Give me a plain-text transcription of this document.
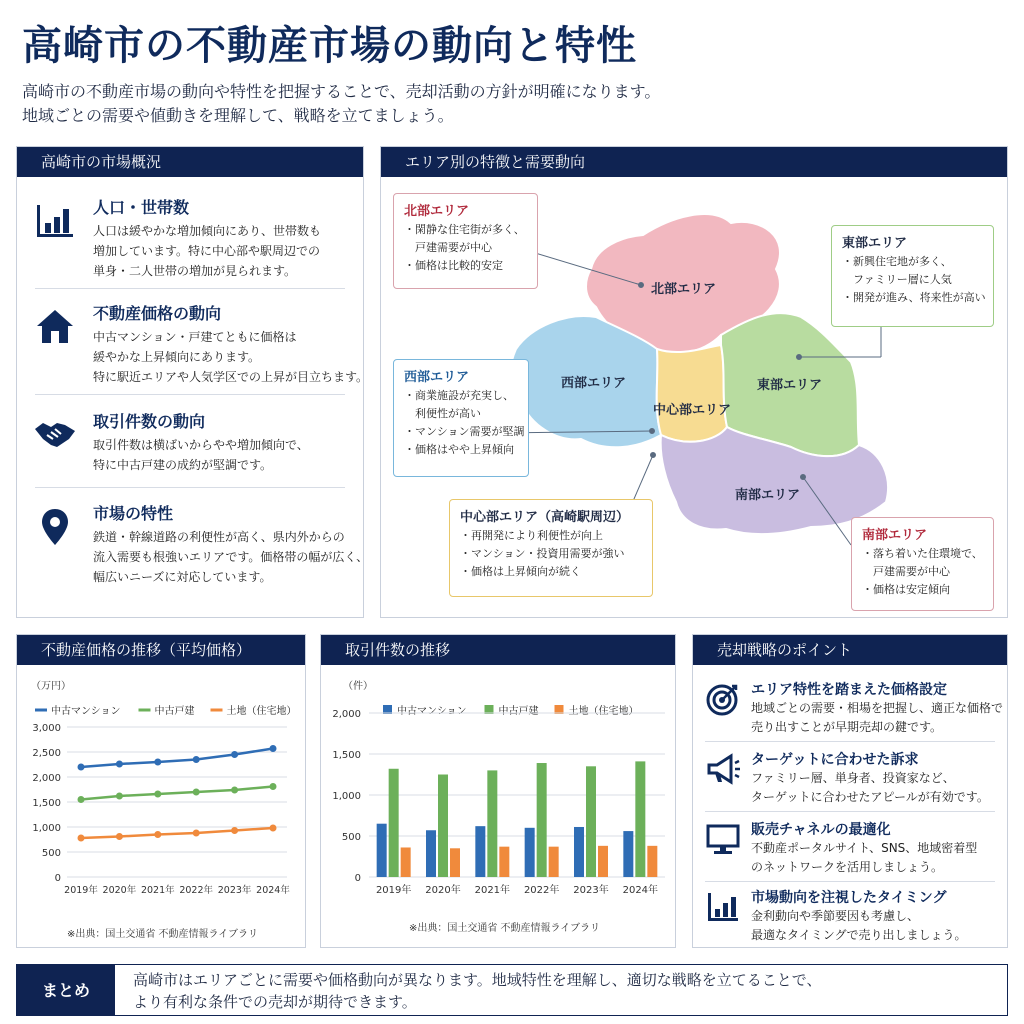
高崎市の不動産市場の動向と特性
高崎市の不動産市場の動向や特性を把握することで、売却活動の方針が明確になります。
地域ごとの需要や値動きを理解して、戦略を立てましょう。
高崎市の市場概況
人口・世帯数
人口は緩やかな増加傾向にあり、世帯数も
増加しています。特に中心部や駅周辺での
単身・二人世帯の増加が見られます。
不動産価格の動向
中古マンション・戸建てともに価格は
緩やかな上昇傾向にあります。
特に駅近エリアや人気学区での上昇が目立ちます。
取引件数の動向
取引件数は横ばいからやや増加傾向で、
特に中古戸建の成約が堅調です。
市場の特性
鉄道・幹線道路の利便性が高く、県内外からの
流入需要も根強いエリアです。価格帯の幅が広く、
幅広いニーズに対応しています。
エリア別の特徴と需要動向
北部エリア
西部エリア
中心部エリア
東部エリア
南部エリア
北部エリア
・閑静な住宅街が多く、
　戸建需要が中心
・価格は比較的安定
東部エリア
・新興住宅地が多く、
　ファミリー層に人気
・開発が進み、将来性が高い
西部エリア
・商業施設が充実し、
　利便性が高い
・マンション需要が堅調
・価格はやや上昇傾向
中心部エリア（高崎駅周辺）
・再開発により利便性が向上
・マンション・投資用需要が強い
・価格は上昇傾向が続く
南部エリア
・落ち着いた住環境で、
　戸建需要が中心
・価格は安定傾向
不動産価格の推移（平均価格）
（万円）
中古マンション	中古戸建	土地（住宅地）
0
500
1,000
1,500
2,000
2,500
3,000
2019年 2020年 2021年 2022年 2023年 2024年
※出典：国土交通省 不動産情報ライブラリ
取引件数の推移
（件）
中古マンション	中古戸建	土地（住宅地）
0
500
1,000
1,500
2,000
2019年 2020年 2021年 2022年 2023年 2024年
※出典：国土交通省 不動産情報ライブラリ
売却戦略のポイント
エリア特性を踏まえた価格設定
地域ごとの需要・相場を把握し、適正な価格で
売り出すことが早期売却の鍵です。
ターゲットに合わせた訴求
ファミリー層、単身者、投資家など、
ターゲットに合わせたアピールが有効です。
販売チャネルの最適化
不動産ポータルサイト、SNS、地域密着型
のネットワークを活用しましょう。
市場動向を注視したタイミング
金利動向や季節要因も考慮し、
最適なタイミングで売り出しましょう。
まとめ
高崎市はエリアごとに需要や価格動向が異なります。地域特性を理解し、適切な戦略を立てることで、
より有利な条件での売却が期待できます。
